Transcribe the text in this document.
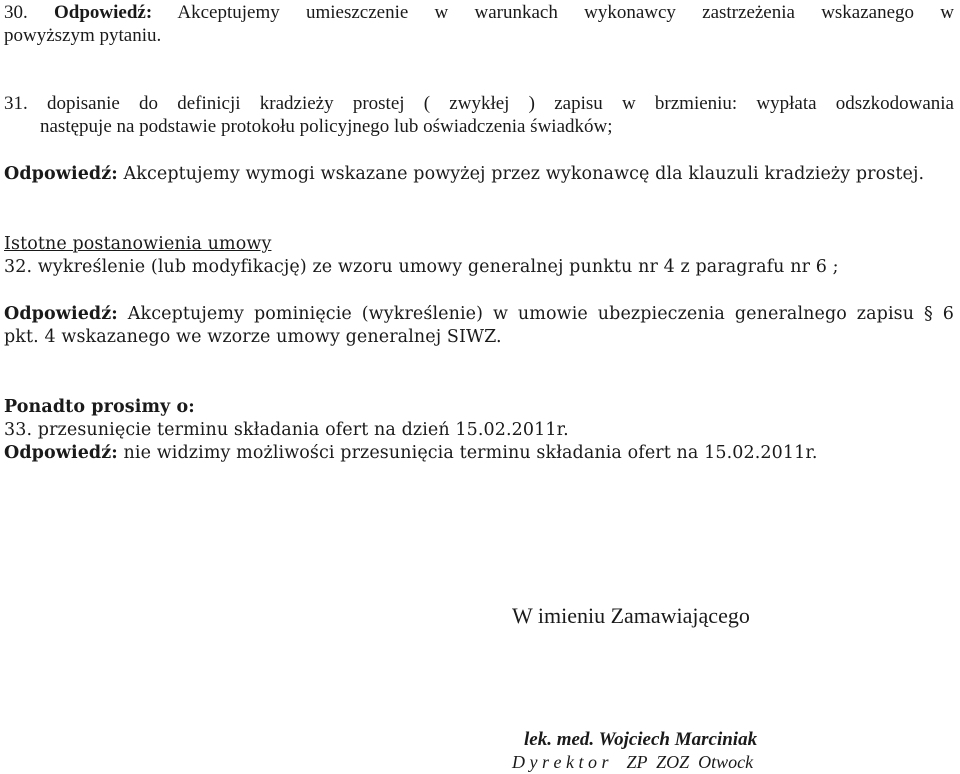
30. Odpowiedź: Akceptujemy umieszczenie w warunkach wykonawcy zastrzeżenia wskazanego w
powyższym pytaniu.
31. dopisanie do definicji kradzieży prostej ( zwykłej ) zapisu w brzmieniu: wypłata odszkodowania
następuje na podstawie protokołu policyjnego lub oświadczenia świadków;
Odpowiedź: Akceptujemy wymogi wskazane powyżej przez wykonawcę dla klauzuli kradzieży prostej.
Istotne postanowienia umowy
32. wykreślenie (lub modyfikację) ze wzoru umowy generalnej punktu nr 4 z paragrafu nr 6 ;
Odpowiedź: Akceptujemy pominięcie (wykreślenie) w umowie ubezpieczenia generalnego zapisu § 6
pkt. 4 wskazanego we wzorze umowy generalnej SIWZ.
Ponadto prosimy o:
33. przesunięcie terminu składania ofert na dzień 15.02.2011r.
Odpowiedź: nie widzimy możliwości przesunięcia terminu składania ofert na 15.02.2011r.
W imieniu Zamawiającego
lek. med. Wojciech Marciniak
D y r e k t o r    ZP  ZOZ  Otwock
